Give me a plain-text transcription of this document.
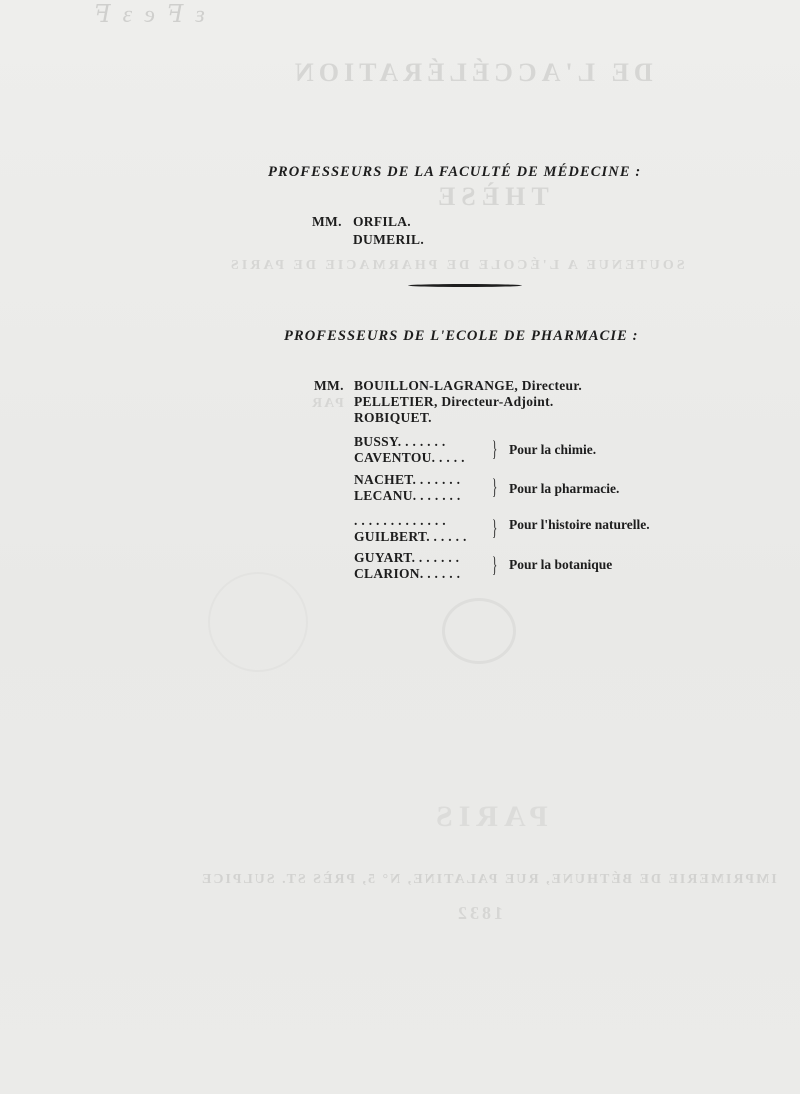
ꟻ ε ɘ ꟻ ɜ
DE L'ACCÉLÉRATION
THÈSE
SOUTENUE A L'ÉCOLE DE PHARMACIE DE PARIS
PAR
PARIS
IMPRIMERIE DE BÉTHUNE, RUE PALATINE, N° 5, PRÈS ST. SULPICE
1832
PROFESSEURS DE LA FACULTÉ DE MÉDECINE :
MM. ORFILA.
DUMERIL.
PROFESSEURS DE L'ECOLE DE PHARMACIE :
MM. BOUILLON-LAGRANGE, Directeur.
PELLETIER, Directeur-Adjoint.
ROBIQUET.
BUSSY. . . . . . .
CAVENTOU. . . . .	} Pour la chimie.
NACHET. . . . . . .
LECANU. . . . . . .	} Pour la pharmacie.
. . . . . . . . . . . . .
GUILBERT. . . . . .	} Pour l'histoire naturelle.
GUYART. . . . . . .
CLARION. . . . . .	} Pour la botanique
